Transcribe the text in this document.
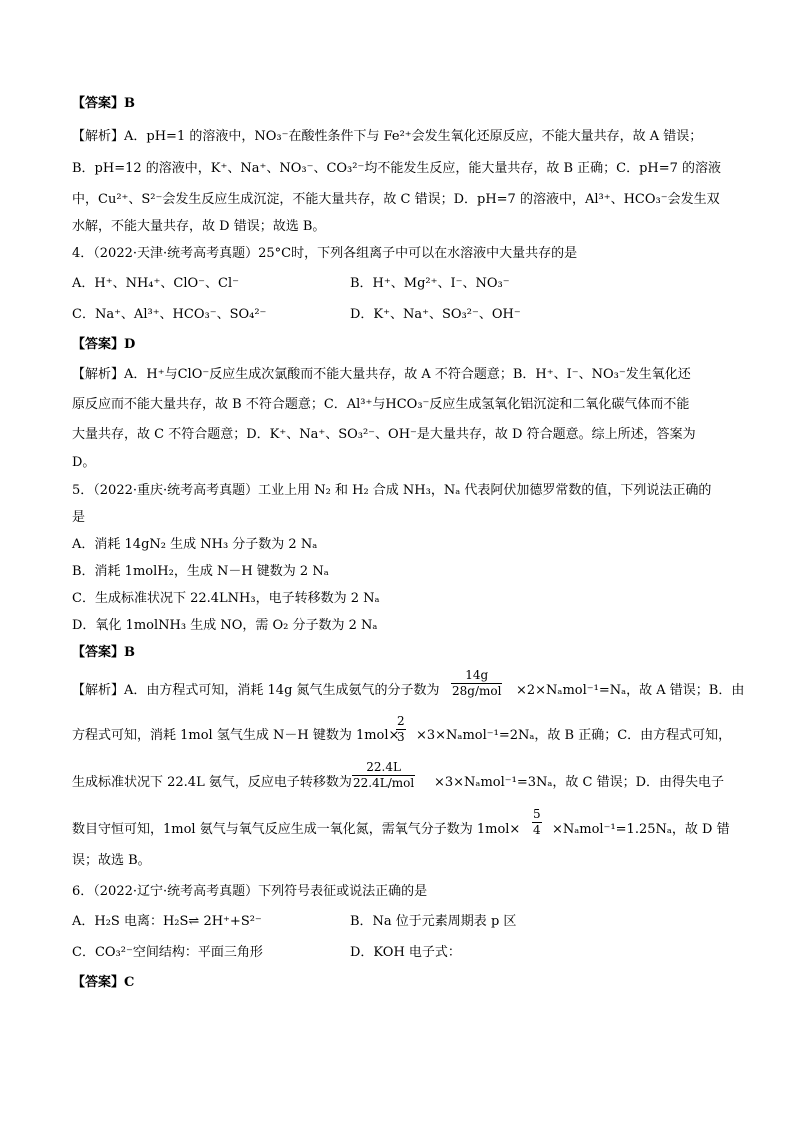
【答案】B
【解析】A．pH=1 的溶液中，NO₃⁻在酸性条件下与 Fe²⁺会发生氧化还原反应，不能大量共存，故 A 错误；
B．pH=12 的溶液中，K⁺、Na⁺、NO₃⁻、CO₃²⁻均不能发生反应，能大量共存，故 B 正确；C．pH=7 的溶液
中，Cu²⁺、S²⁻会发生反应生成沉淀，不能大量共存，故 C 错误；D．pH=7 的溶液中，Al³⁺、HCO₃⁻会发生双
水解，不能大量共存，故 D 错误；故选 B。
4．（2022·天津·统考高考真题）25°C时，下列各组离子中可以在水溶液中大量共存的是
A．H⁺、NH₄⁺、ClO⁻、Cl⁻	B．H⁺、Mg²⁺、I⁻、NO₃⁻
C．Na⁺、Al³⁺、HCO₃⁻、SO₄²⁻	D．K⁺、Na⁺、SO₃²⁻、OH⁻
【答案】D
【解析】A．H⁺与ClO⁻反应生成次氯酸而不能大量共存，故 A 不符合题意；B．H⁺、I⁻、NO₃⁻发生氧化还
原反应而不能大量共存，故 B 不符合题意；C．Al³⁺与HCO₃⁻反应生成氢氧化铝沉淀和二氧化碳气体而不能
大量共存，故 C 不符合题意；D．K⁺、Na⁺、SO₃²⁻、OH⁻是大量共存，故 D 符合题意。综上所述，答案为
D。
5．（2022·重庆·统考高考真题）工业上用 N₂ 和 H₂ 合成 NH₃，Nₐ 代表阿伏加德罗常数的值，下列说法正确的
是
A．消耗 14gN₂ 生成 NH₃ 分子数为 2 Nₐ
B．消耗 1molH₂，生成 N－H 键数为 2 Nₐ
C．生成标准状况下 22.4LNH₃，电子转移数为 2 Nₐ
D．氧化 1molNH₃ 生成 NO，需 O₂ 分子数为 2 Nₐ
【答案】B
【解析】A．由方程式可知，消耗 14g 氮气生成氨气的分子数为
14g
28g/mol ×2×Nₐmol⁻¹=Nₐ，故 A 错误；B．由
方程式可知，消耗 1mol 氢气生成 N－H 键数为 1mol×
2
3 ×3×Nₐmol⁻¹=2Nₐ，故 B 正确；C．由方程式可知，
生成标准状况下 22.4L 氨气，反应电子转移数为
22.4L
22.4L/mol ×3×Nₐmol⁻¹=3Nₐ，故 C 错误；D．由得失电子
数目守恒可知，1mol 氨气与氧气反应生成一氧化氮，需氧气分子数为 1mol×
5
4 ×Nₐmol⁻¹=1.25Nₐ，故 D 错
误；故选 B。
6．（2022·辽宁·统考高考真题）下列符号表征或说法正确的是
A．H₂S 电离：H₂S⇌ 2H⁺+S²⁻	B．Na 位于元素周期表 p 区
C．CO₃²⁻空间结构：平面三角形	D．KOH 电子式：
【答案】C
